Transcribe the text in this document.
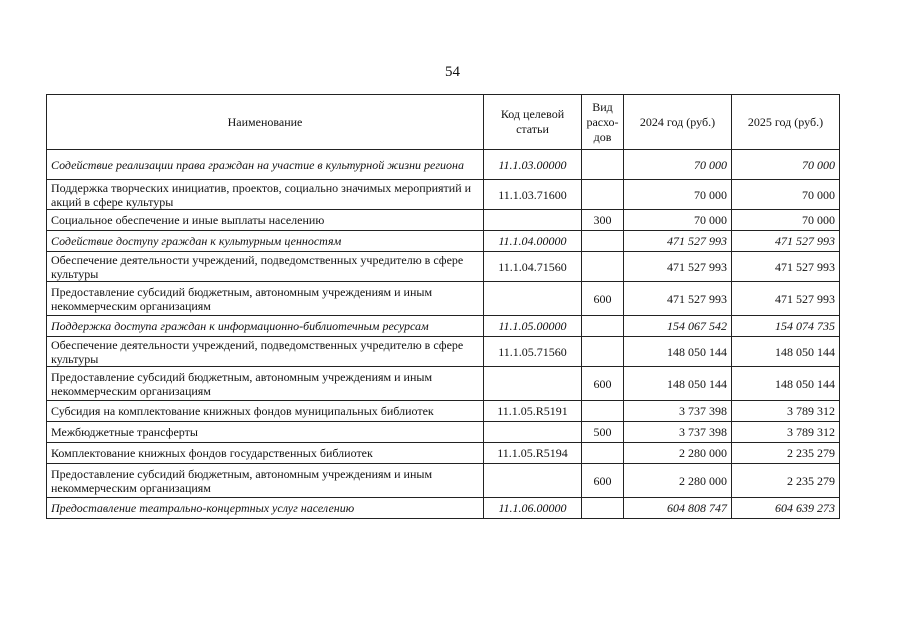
54
Наименование	Код целевой статьи	Вид расхо-дов	2024 год (руб.)	2025 год (руб.)
Содействие реализации права граждан на участие в культурной жизни региона	11.1.03.00000		70 000	70 000
Поддержка творческих инициатив, проектов, социально значимых мероприятий и акций в сфере культуры	11.1.03.71600		70 000	70 000
Социальное обеспечение и иные выплаты населению		300	70 000	70 000
Содействие доступу граждан к культурным ценностям	11.1.04.00000		471 527 993	471 527 993
Обеспечение деятельности учреждений, подведомственных учредителю в сфере культуры	11.1.04.71560		471 527 993	471 527 993
Предоставление субсидий бюджетным, автономным учреждениям и иным некоммерческим организациям		600	471 527 993	471 527 993
Поддержка доступа граждан к информационно-библиотечным ресурсам	11.1.05.00000		154 067 542	154 074 735
Обеспечение деятельности учреждений, подведомственных учредителю в сфере культуры	11.1.05.71560		148 050 144	148 050 144
Предоставление субсидий бюджетным, автономным учреждениям и иным некоммерческим организациям		600	148 050 144	148 050 144
Субсидия на комплектование книжных фондов муниципальных библиотек	11.1.05.R5191		3 737 398	3 789 312
Межбюджетные трансферты		500	3 737 398	3 789 312
Комплектование книжных фондов государственных библиотек	11.1.05.R5194		2 280 000	2 235 279
Предоставление субсидий бюджетным, автономным учреждениям и иным некоммерческим организациям		600	2 280 000	2 235 279
Предоставление театрально-концертных услуг населению	11.1.06.00000		604 808 747	604 639 273
